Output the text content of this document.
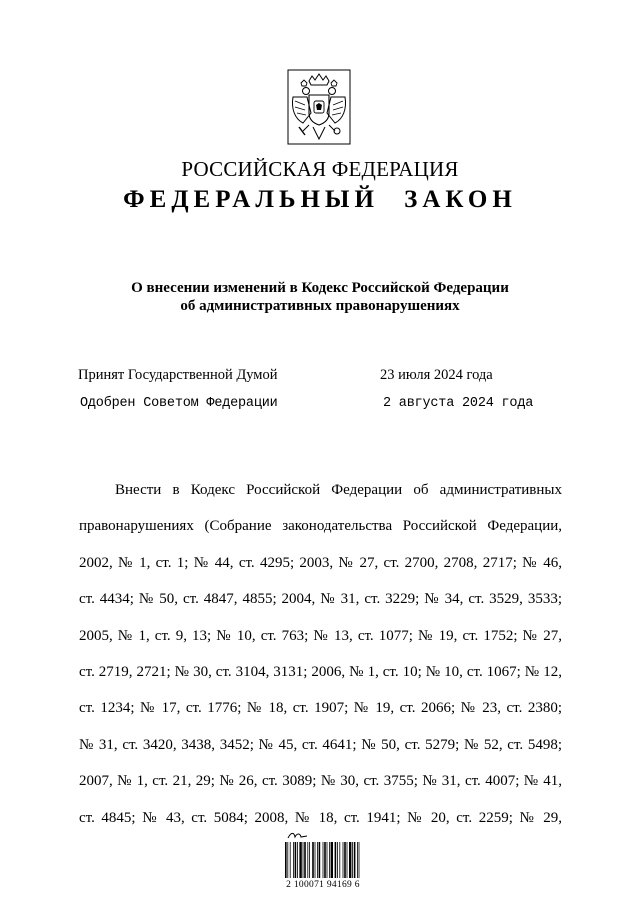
РОССИЙСКАЯ ФЕДЕРАЦИЯ
ФЕДЕРАЛЬНЫЙ ЗАКОН
О внесении изменений в Кодекс Российской Федерации
об административных правонарушениях
Принят Государственной Думой	23 июля 2024 года
Одобрен Советом Федерации	2 августа 2024 года
Внести в Кодекс Российской Федерации об административных
правонарушениях (Собрание законодательства Российской Федерации,
2002, № 1, ст. 1; № 44, ст. 4295; 2003, № 27, ст. 2700, 2708, 2717; № 46,
ст. 4434; № 50, ст. 4847, 4855; 2004, № 31, ст. 3229; № 34, ст. 3529, 3533;
2005, № 1, ст. 9, 13; № 10, ст. 763; № 13, ст. 1077; № 19, ст. 1752; № 27,
ст. 2719, 2721; № 30, ст. 3104, 3131; 2006, № 1, ст. 10; № 10, ст. 1067; № 12,
ст. 1234; № 17, ст. 1776; № 18, ст. 1907; № 19, ст. 2066; № 23, ст. 2380;
№ 31, ст. 3420, 3438, 3452; № 45, ст. 4641; № 50, ст. 5279; № 52, ст. 5498;
2007, № 1, ст. 21, 29; № 26, ст. 3089; № 30, ст. 3755; № 31, ст. 4007; № 41,
ст. 4845; № 43, ст. 5084; 2008, № 18, ст. 1941; № 20, ст. 2259; № 29,
2 100071 94169 6
